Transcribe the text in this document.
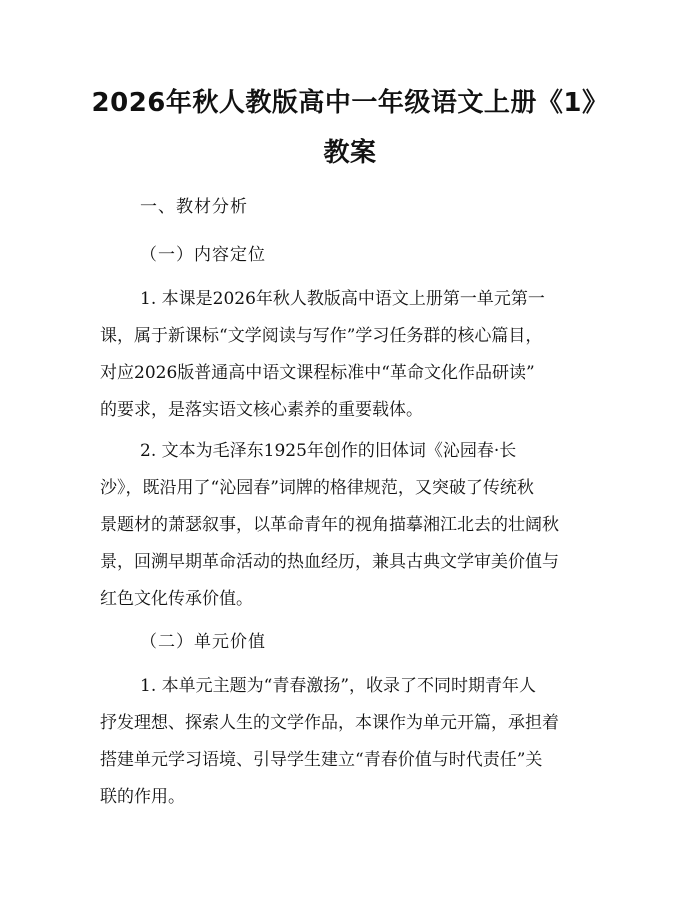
2026年秋人教版高中一年级语文上册《1》
教案
一、教材分析
（一）内容定位
1. 本课是2026年秋人教版高中语文上册第一单元第一
课，属于新课标“文学阅读与写作”学习任务群的核心篇目，
对应2026版普通高中语文课程标准中“革命文化作品研读”
的要求，是落实语文核心素养的重要载体。
2. 文本为毛泽东1925年创作的旧体词《沁园春·长
沙》，既沿用了“沁园春”词牌的格律规范，又突破了传统秋
景题材的萧瑟叙事，以革命青年的视角描摹湘江北去的壮阔秋
景，回溯早期革命活动的热血经历，兼具古典文学审美价值与
红色文化传承价值。
（二）单元价值
1. 本单元主题为“青春激扬”，收录了不同时期青年人
抒发理想、探索人生的文学作品，本课作为单元开篇，承担着
搭建单元学习语境、引导学生建立“青春价值与时代责任”关
联的作用。
